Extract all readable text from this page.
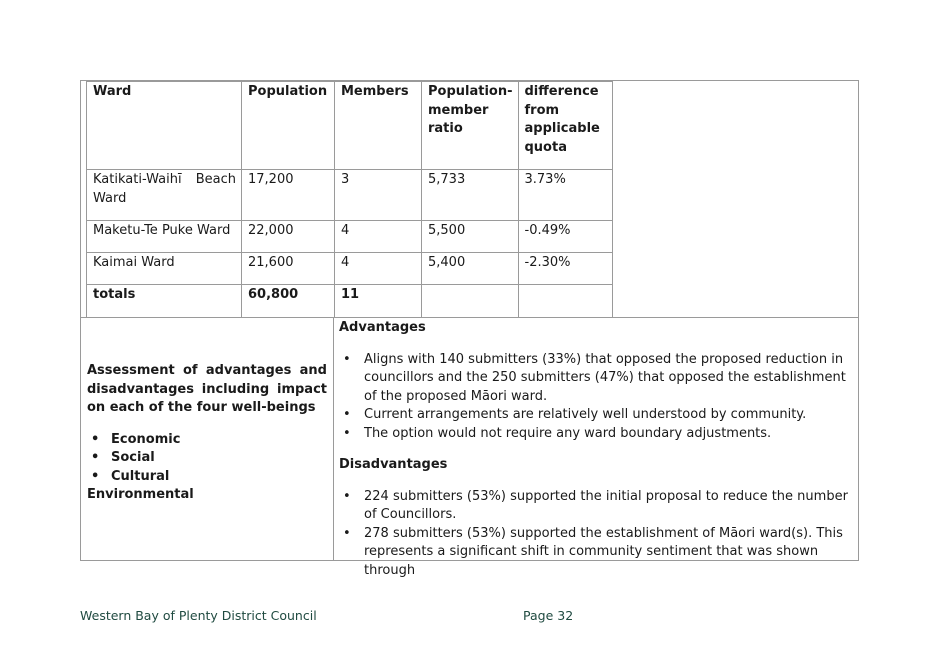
Ward	Population	Members	Population-member ratio	difference from applicable quota
Katikati-Waihī Beach Ward	17,200	3	5,733	3.73%
Maketu-Te Puke Ward	22,000	4	5,500	-0.49%
Kaimai Ward	21,600	4	5,400	-2.30%
totals	60,800	11		

Assessment of advantages and disadvantages including impact on each of the four well-beings

• Economic
• Social
• Cultural

Environmental

Advantages

• Aligns with 140 submitters (33%) that opposed the proposed reduction in councillors and the 250 submitters (47%) that opposed the establishment of the proposed Māori ward.
• Current arrangements are relatively well understood by community.
• The option would not require any ward boundary adjustments.

Disadvantages

• 224 submitters (53%) supported the initial proposal to reduce the number of Councillors.
• 278 submitters (53%) supported the establishment of Māori ward(s). This represents a significant shift in community sentiment that was shown through
Western Bay of Plenty District Council	Page 32
